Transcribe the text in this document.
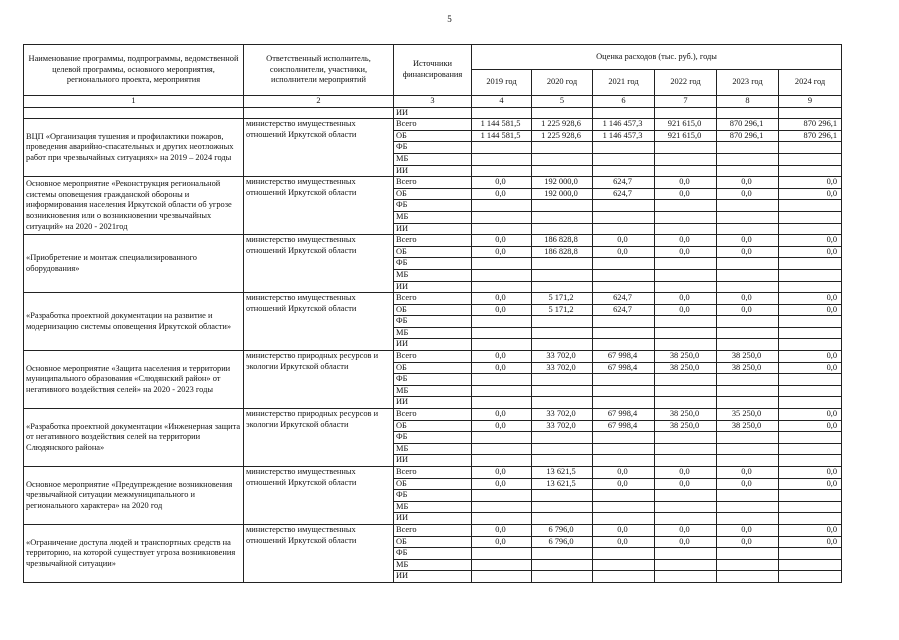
5
Наименование программы, подпрограммы, ведомственной целевой программы, основного мероприятия, регионального проекта, мероприятия	Ответственный исполнитель, соисполнители, участники, исполнители мероприятий	Источники финансирования	Оценка расходов (тыс. руб.), годы					
			2019 год	2020 год	2021 год	2022 год	2023 год	2024 год
1	2	3	4	5	6	7	8	9
		ИИ						
ВЦП «Организация тушения и профилактики пожаров, проведения аварийно-спасательных и других неотложных работ при чрезвычайных ситуациях» на 2019 – 2024 годы	министерство имущественных отношений Иркутской области	Всего	1 144 581,5	1 225 928,6	1 146 457,3	921 615,0	870 296,1	870 296,1
		ОБ	1 144 581,5	1 225 928,6	1 146 457,3	921 615,0	870 296,1	870 296,1
		ФБ						
		МБ						
		ИИ						
Основное мероприятие «Реконструкция региональной системы оповещения гражданской обороны и информирования населения Иркутской области об угрозе возникновения или о возникновении чрезвычайных ситуаций» на 2020 - 2021год	министерство имущественных отношений Иркутской области	Всего	0,0	192 000,0	624,7	0,0	0,0	0,0
		ОБ	0,0	192 000,0	624,7	0,0	0,0	0,0
		ФБ						
		МБ						
		ИИ						
«Приобретение и монтаж специализированного оборудования»	министерство имущественных отношений Иркутской области	Всего	0,0	186 828,8	0,0	0,0	0,0	0,0
		ОБ	0,0	186 828,8	0,0	0,0	0,0	0,0
		ФБ						
		МБ						
		ИИ						
«Разработка проектной документации на развитие и модернизацию системы оповещения Иркутской области»	министерство имущественных отношений Иркутской области	Всего	0,0	5 171,2	624,7	0,0	0,0	0,0
		ОБ	0,0	5 171,2	624,7	0,0	0,0	0,0
		ФБ						
		МБ						
		ИИ						
Основное мероприятие «Защита населения и территории муниципального образования «Слюдянский район» от негативного воздействия селей» на 2020 - 2023 годы	министерство природных ресурсов и экологии Иркутской области	Всего	0,0	33 702,0	67 998,4	38 250,0	38 250,0	0,0
		ОБ	0,0	33 702,0	67 998,4	38 250,0	38 250,0	0,0
		ФБ						
		МБ						
		ИИ						
«Разработка проектной документации «Инженерная защита от негативного воздействия селей на территории Слюдянского района»	министерство природных ресурсов и экологии Иркутской области	Всего	0,0	33 702,0	67 998,4	38 250,0	35 250,0	0,0
		ОБ	0,0	33 702,0	67 998,4	38 250,0	38 250,0	0,0
		ФБ						
		МБ						
		ИИ						
Основное мероприятие «Предупреждение возникновения чрезвычайной ситуации межмуниципального и регионального характера» на 2020 год	министерство имущественных отношений Иркутской области	Всего	0,0	13 621,5	0,0	0,0	0,0	0,0
		ОБ	0,0	13 621,5	0,0	0,0	0,0	0,0
		ФБ						
		МБ						
		ИИ						
«Ограничение доступа людей и транспортных средств на территорию, на которой существует угроза возникновения чрезвычайной ситуации»	министерство имущественных отношений Иркутской области	Всего	0,0	6 796,0	0,0	0,0	0,0	0,0
		ОБ	0,0	6 796,0	0,0	0,0	0,0	0,0
		ФБ						
		МБ						
		ИИ						
